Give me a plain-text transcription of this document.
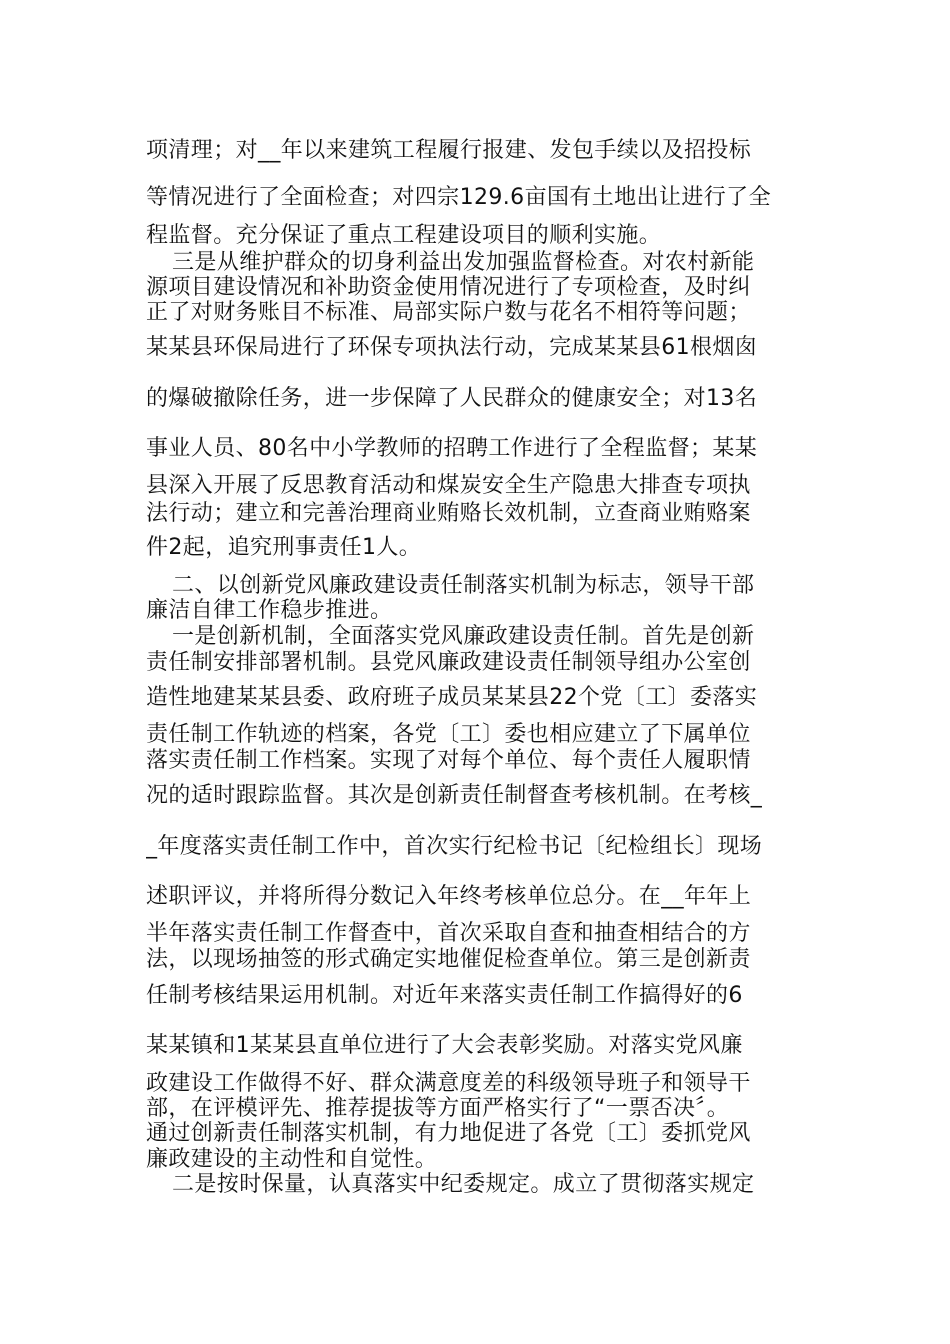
项清理；对__年以来建筑工程履行报建、发包手续以及招投标
等情况进行了全面检查；对四宗129.6亩国有土地出让进行了全
程监督。充分保证了重点工程建设项目的顺利实施。
三是从维护群众的切身利益出发加强监督检查。对农村新能
源项目建设情况和补助资金使用情况进行了专项检查，及时纠
正了对财务账目不标准、局部实际户数与花名不相符等问题；
某某县环保局进行了环保专项执法行动，完成某某县61根烟囱
的爆破撤除任务，进一步保障了人民群众的健康安全；对13名
事业人员、80名中小学教师的招聘工作进行了全程监督；某某
县深入开展了反思教育活动和煤炭安全生产隐患大排查专项执
法行动；建立和完善治理商业贿赂长效机制，立查商业贿赂案
件2起，追究刑事责任1人。
二、以创新党风廉政建设责任制落实机制为标志，领导干部
廉洁自律工作稳步推进。
一是创新机制，全面落实党风廉政建设责任制。首先是创新
责任制安排部署机制。县党风廉政建设责任制领导组办公室创
造性地建某某县委、政府班子成员某某县22个党〔工〕委落实
责任制工作轨迹的档案，各党〔工〕委也相应建立了下属单位
落实责任制工作档案。实现了对每个单位、每个责任人履职情
况的适时跟踪监督。其次是创新责任制督查考核机制。在考核_
_年度落实责任制工作中，首次实行纪检书记〔纪检组长〕现场
述职评议，并将所得分数记入年终考核单位总分。在__年年上
半年落实责任制工作督查中，首次采取自查和抽查相结合的方
法，以现场抽签的形式确定实地催促检查单位。第三是创新责
任制考核结果运用机制。对近年来落实责任制工作搞得好的6
某某镇和1某某县直单位进行了大会表彰奖励。对落实党风廉
政建设工作做得不好、群众满意度差的科级领导班子和领导干
部，在评模评先、推荐提拔等方面严格实行了“一票否决〞。
通过创新责任制落实机制，有力地促进了各党〔工〕委抓党风
廉政建设的主动性和自觉性。
二是按时保量，认真落实中纪委规定。成立了贯彻落实规定
